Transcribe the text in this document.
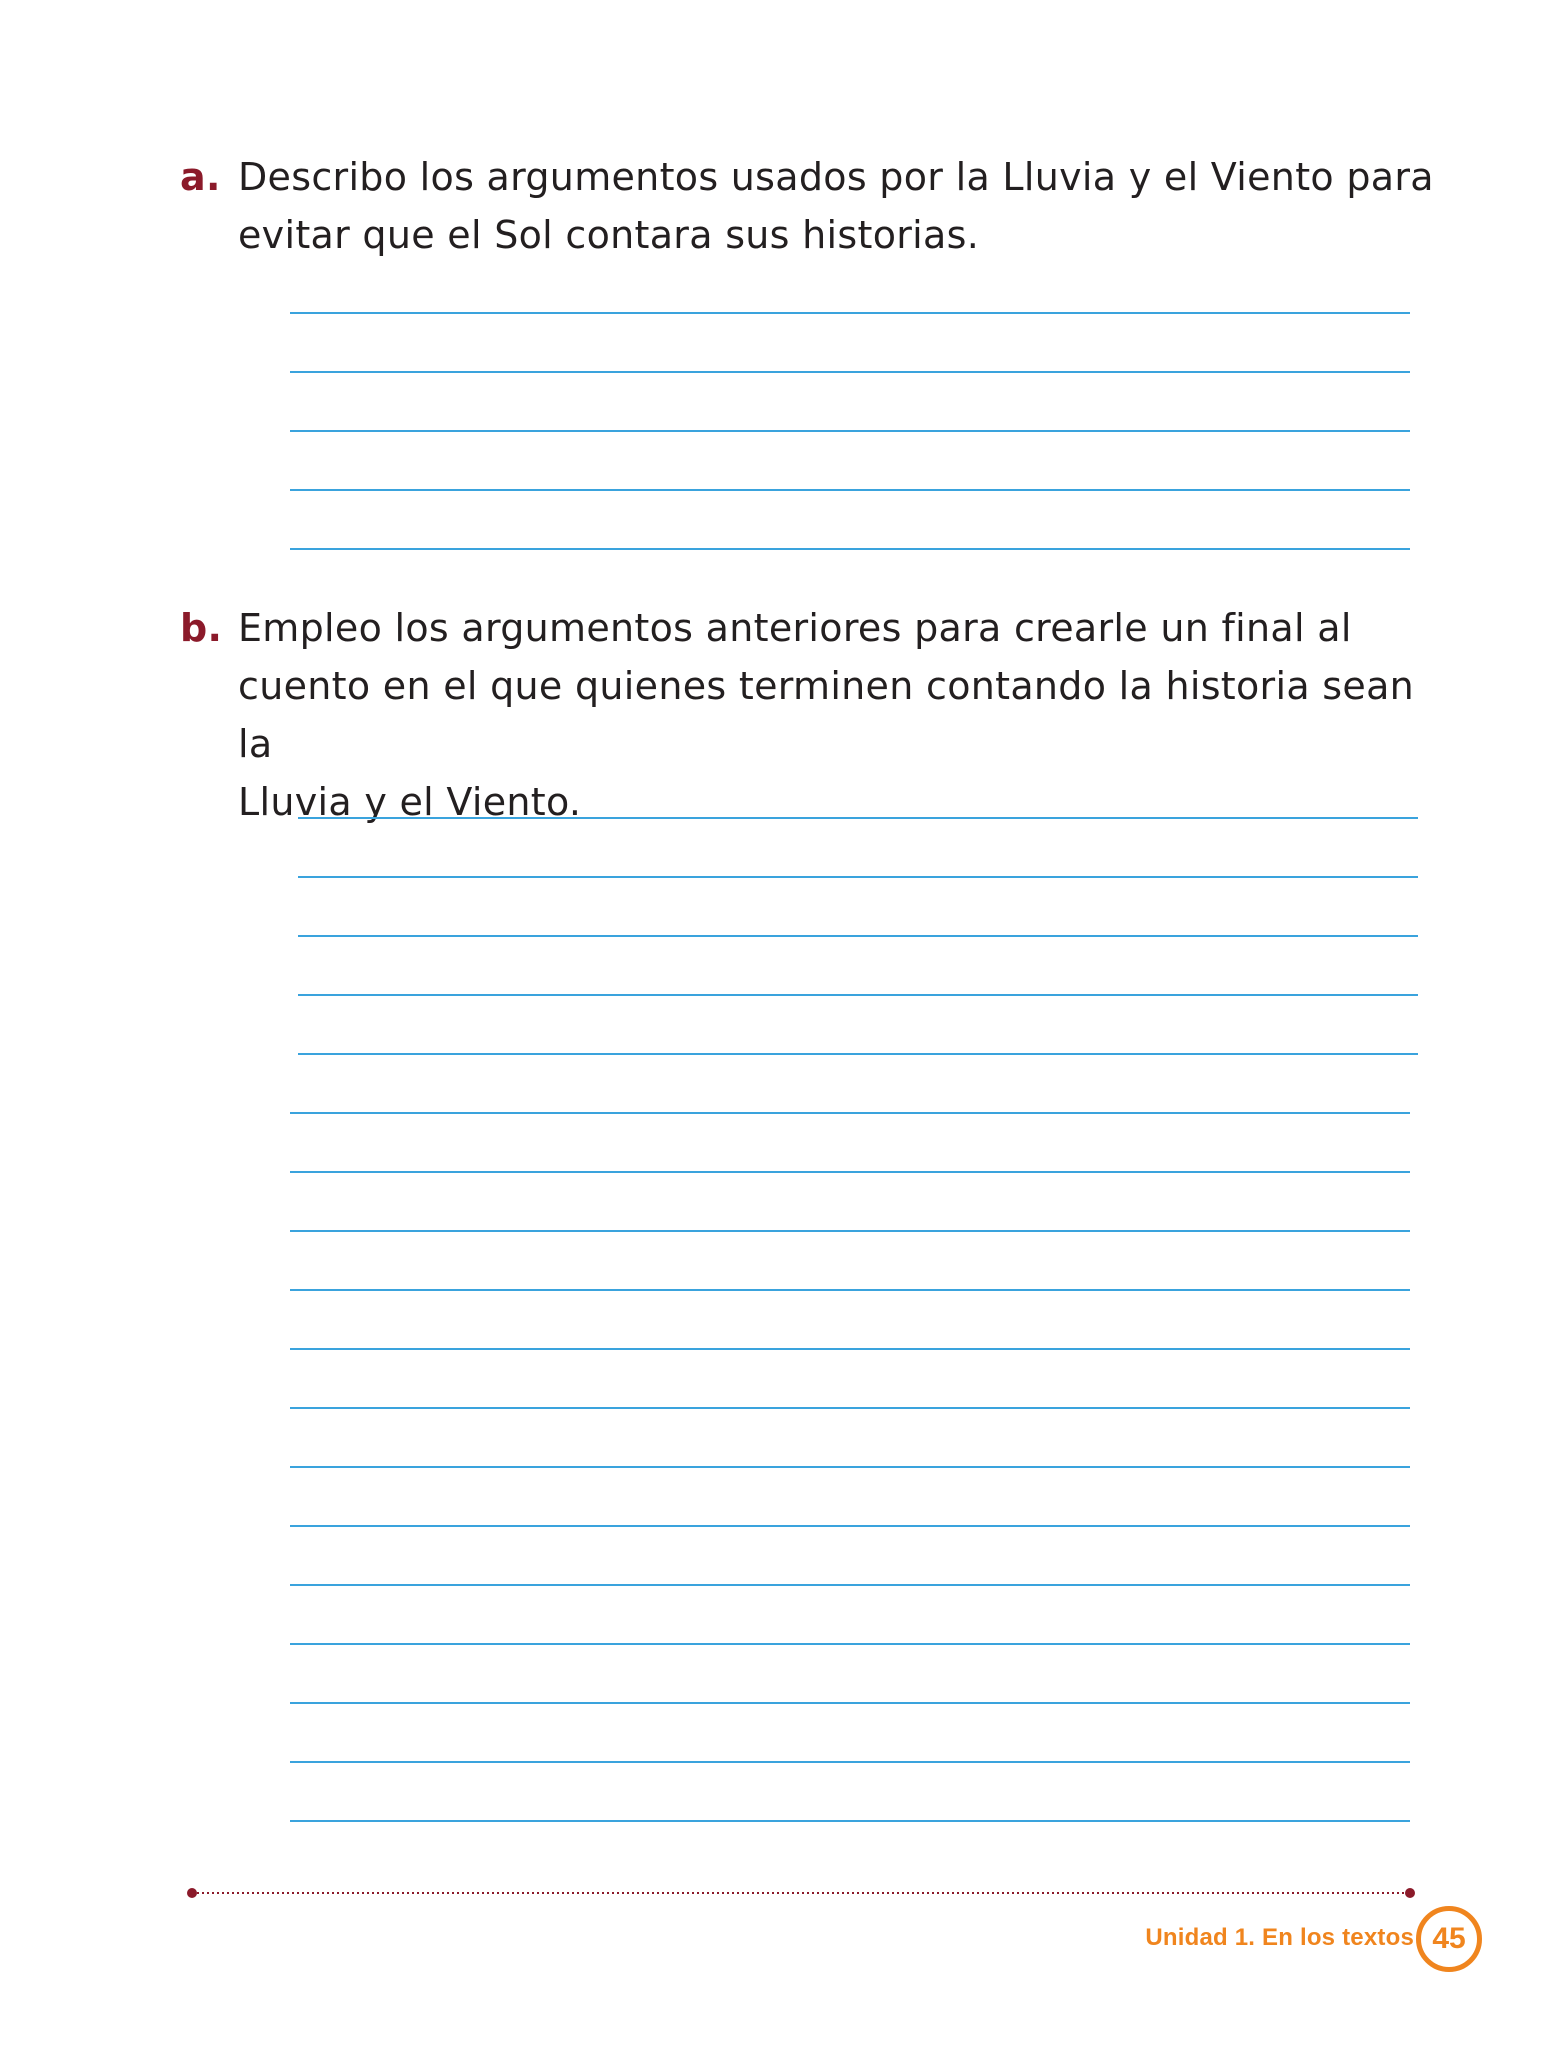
a. Describo los argumentos usados por la Lluvia y el Viento para
evitar que el Sol contara sus historias.
b. Empleo los argumentos anteriores para crearle un final al
cuento en el que quienes terminen contando la historia sean la
Lluvia y el Viento.
Unidad 1. En los textos 45
